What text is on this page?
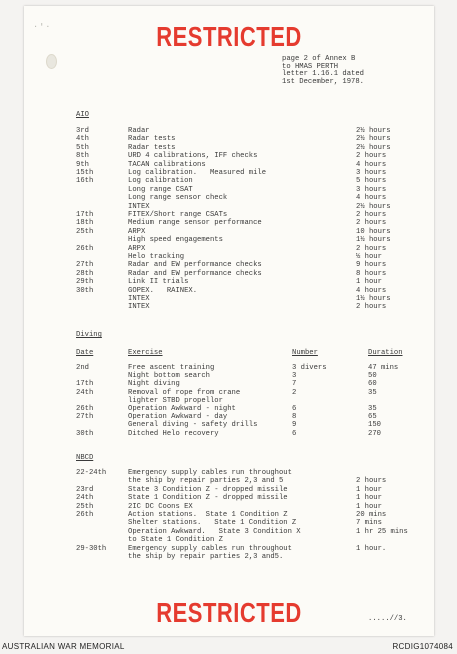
· ' ·	RESTRICTED
page 2 of Annex B
to HMAS PERTH
letter 1.16.1 dated
1st December, 1978.
AIO
3rd	Radar	2½ hours
4th	Radar tests	2½ hours
5th	Radar tests	2½ hours
8th	URD 4 calibrations, IFF checks	2 hours
9th	TACAN calibrations	4 hours
15th	Log calibration.   Measured mile	3 hours
16th	Log calibration	5 hours
Long range CSAT	3 hours
Long range sensor check	4 hours
INTEX	2½ hours
17th	FITEX/Short range CSATs	2 hours
18th	Medium range sensor performance	2 hours
25th	ARPX	10 hours
High speed engagements	1½ hours
26th	ARPX	2 hours
Helo tracking	½ hour
27th	Radar and EW performance checks	9 hours
28th	Radar and EW performance checks	8 hours
29th	Link II trials	1 hour
30th	GOPEX.   RAINEX.	4 hours
INTEX	1½ hours
INTEX	2 hours
Diving
Date	Exercise	Number	Duration
2nd	Free ascent training	3 divers	47 mins
Night bottom search	3	50
17th	Night diving	7	60
24th	Removal of rope from crane	2	35
lighter STBD propellor
26th	Operation Awkward - night	6	35
27th	Operation Awkward - day	8	65
General diving - safety drills	9	150
30th	Ditched Helo recovery	6	270
NBCD
22-24th	Emergency supply cables run throughout
the ship by repair parties 2,3 and 5	2 hours
23rd	State 3 Condition Z - dropped missile	1 hour
24th	State 1 Condition Z - dropped missile	1 hour
25th	2IC DC Coons EX	1 hour
26th	Action stations.  State 1 Condition Z	20 mins
Shelter stations.   State 1 Condition Z	7 mins
Operation Awkward.   State 3 Condition X	1 hr 25 mins
to State 1 Condition Z
29-30th	Emergency supply cables run throughout	1 hour.
the ship by repair parties 2,3 and5.
RESTRICTED	.....//3.
AUSTRALIAN WAR MEMORIAL	RCDIG1074084
